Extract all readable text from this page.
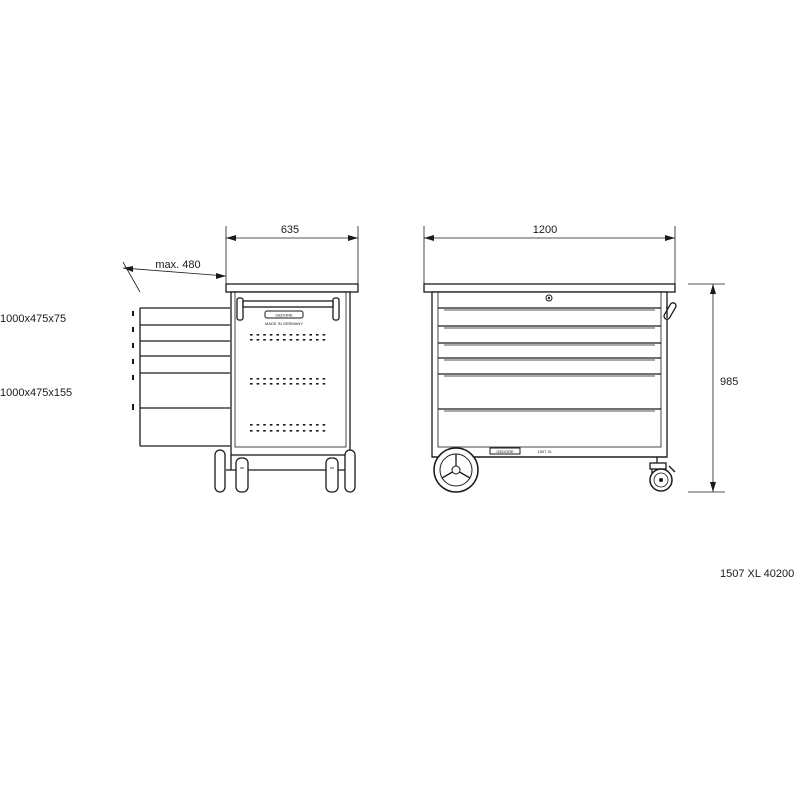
635
max. 480
1000x475x75
1000x475x155
GEDORE
MADE IN GERMANY
1200
985
GEDORE	1507 XL
1507 XL 40200
